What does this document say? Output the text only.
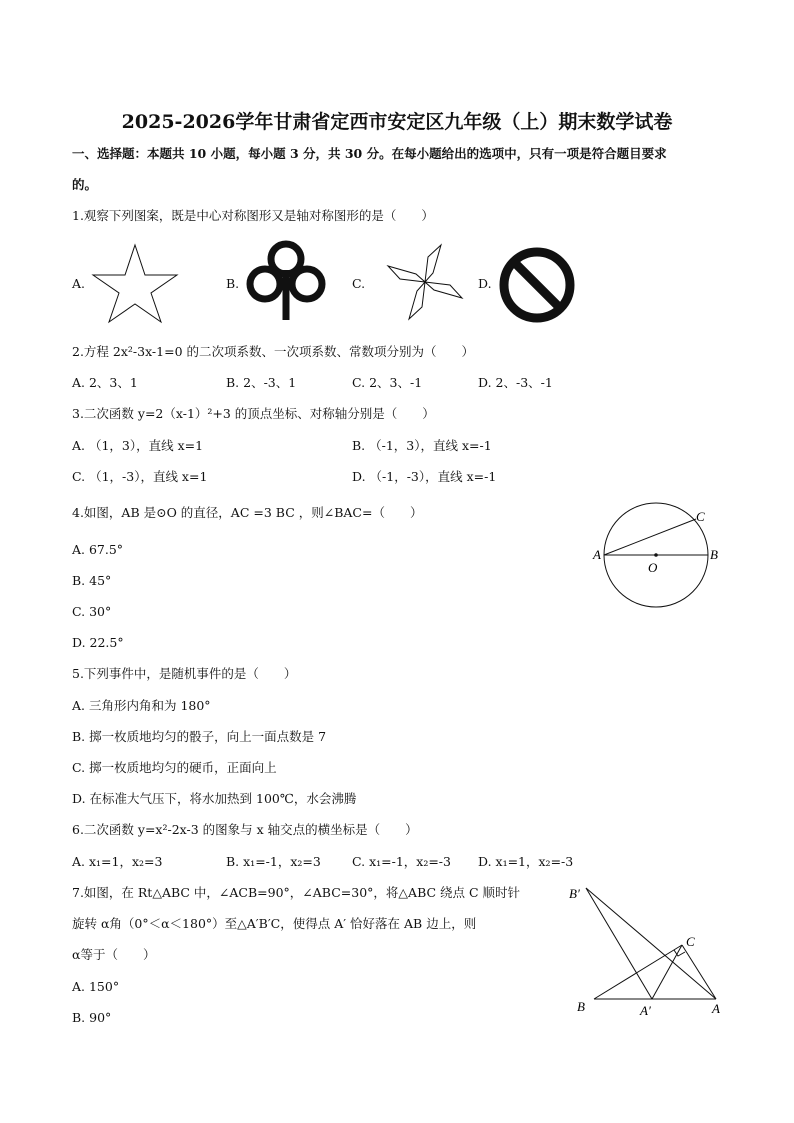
2025-2026学年甘肃省定西市安定区九年级（上）期末数学试卷
一、选择题：本题共 10 小题，每小题 3 分，共 30 分。在每小题给出的选项中，只有一项是符合题目要求
的。
1.观察下列图案，既是中心对称图形又是轴对称图形的是（　　）
A.	B.	C.	D.
2.方程 2x²-3x-1=0 的二次项系数、一次项系数、常数项分别为（　　）
A. 2、3、1	B. 2、-3、1	C. 2、3、-1	D. 2、-3、-1
3.二次函数 y=2（x-1）²+3 的顶点坐标、对称轴分别是（　　）
A. （1，3），直线 x=1	B. （-1，3），直线 x=-1
C. （1，-3），直线 x=1	D. （-1，-3），直线 x=-1
4.如图，AB 是⊙O 的直径，AC =3 BC ，则∠BAC=（　　）
A. 67.5°
B. 45°
C. 30°
D. 22.5°
A	B
C
O
5.下列事件中，是随机事件的是（　　）
A. 三角形内角和为 180°
B. 掷一枚质地均匀的骰子，向上一面点数是 7
C. 掷一枚质地均匀的硬币，正面向上
D. 在标准大气压下，将水加热到 100℃，水会沸腾
6.二次函数 y=x²-2x-3 的图象与 x 轴交点的横坐标是（　　）
A. x₁=1，x₂=3	B. x₁=-1，x₂=3 C. x₁=-1，x₂=-3 D. x₁=1，x₂=-3
7.如图，在 Rt△ABC 中，∠ACB=90°，∠ABC=30°，将△ABC 绕点 C 顺时针
旋转 α角（0°＜α＜180°）至△A′B′C，使得点 A′ 恰好落在 AB 边上，则
α等于（　　）
A. 150°
B. 90°
B′
C
B	A′	A
